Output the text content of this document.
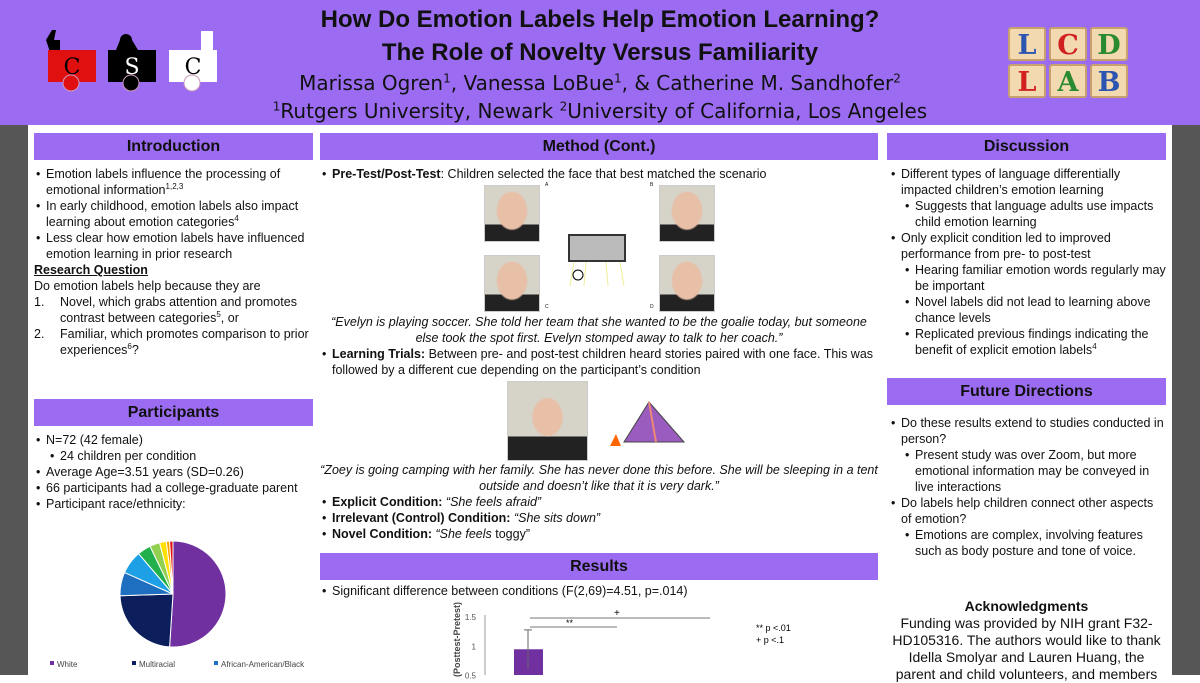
How Do Emotion Labels Help Emotion Learning?
The Role of Novelty Versus Familiarity
Marissa Ogren$^1$, Vanessa LoBue$^1$, & Catherine M. Sandhofer$^2$
$^1$Rutgers University, Newark $^2$University of California, Los Angeles
C S C
L C D
L A B
Introduction
• Emotion labels influence the processing of emotional information$^{1,2,3}$
• In early childhood, emotion labels also impact learning about emotion categories$^4$
• Less clear how emotion labels have influenced emotion learning in prior research
Research Question
Do emotion labels help because they are
1. Novel, which grabs attention and promotes contrast between categories$^5$, or
2. Familiar, which promotes comparison to prior experiences$^6$?
Participants
• N=72 (42 female)
• 24 children per condition
• Average Age=3.51 years (SD=0.26)
• 66 participants had a college-graduate parent
• Participant race/ethnicity:
White	Multiracial	African-American/Black
Method (Cont.)
• Pre-Test/Post-Test: Children selected the face that best matched the scenario
A	B
C	D
“Evelyn is playing soccer. She told her team that she wanted to be the goalie today, but someone else took the spot first. Evelyn stomped away to talk to her coach.”
• Learning Trials: Between pre- and post-test children heard stories paired with one face. This was followed by a different cue depending on the participant’s condition
“Zoey is going camping with her family. She has never done this before. She will be sleeping in a tent outside and doesn’t like that it is very dark.”
• Explicit Condition: “She feels afraid”
• Irrelevant (Control) Condition: “She sits down”
• Novel Condition: “She feels toggy”
Results
• Significant difference between conditions (F(2,69)=4.51, p=.014)
0.5
1
1.5
(Posttest-Pretest)	+
**	** p <.01
+ p <.1
Discussion
• Different types of language differentially impacted children’s emotion learning
• Suggests that language adults use impacts child emotion learning
• Only explicit condition led to improved performance from pre- to post-test
• Hearing familiar emotion words regularly may be important
• Novel labels did not lead to learning above chance levels
• Replicated previous findings indicating the benefit of explicit emotion labels$^4$
Future Directions
• Do these results extend to studies conducted in person?
• Present study was over Zoom, but more emotional information may be conveyed in live interactions
• Do labels help children connect other aspects of emotion?
• Emotions are complex, involving features such as body posture and tone of voice.
Acknowledgments
Funding was provided by NIH grant F32-HD105316. The authors would like to thank Idella Smolyar and Lauren Huang, the parent and child volunteers, and members
